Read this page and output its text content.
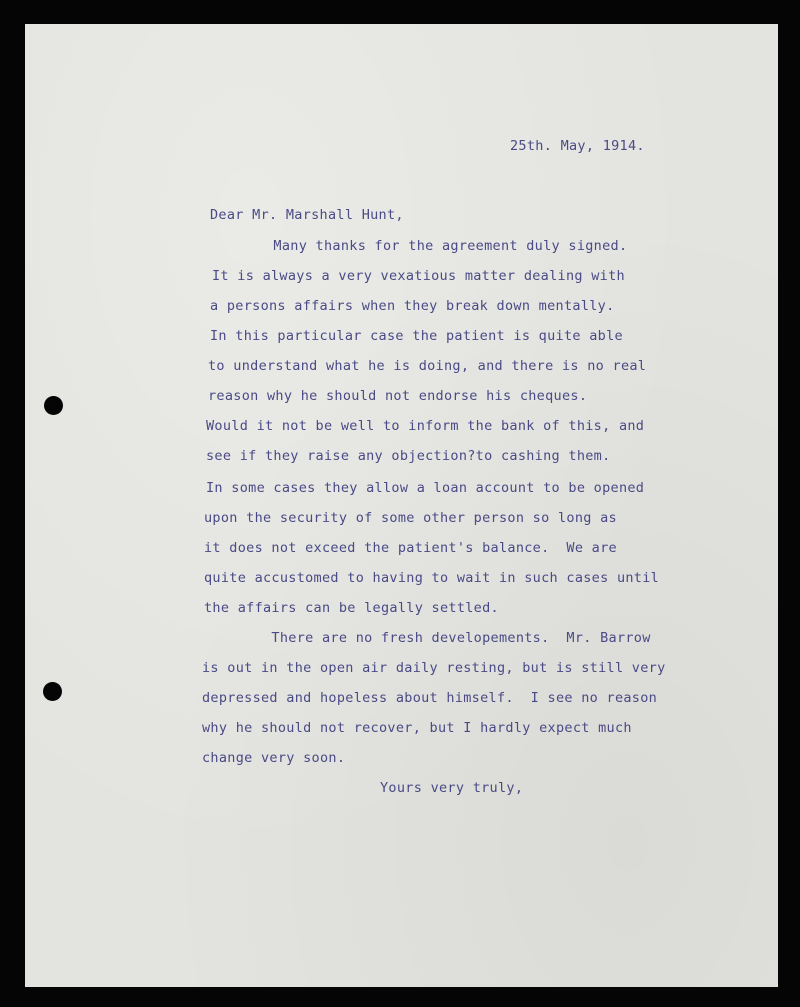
25th. May, 1914.
Dear Mr. Marshall Hunt,
Many thanks for the agreement duly signed.
It is always a very vexatious matter dealing with
a persons affairs when they break down mentally.
In this particular case the patient is quite able
to understand what he is doing, and there is no real
reason why he should not endorse his cheques.
Would it not be well to inform the bank of this, and
see if they raise any objection?to cashing them.
In some cases they allow a loan account to be opened
upon the security of some other person so long as
it does not exceed the patient's balance.  We are
quite accustomed to having to wait in such cases until
the affairs can be legally settled.
There are no fresh developements.  Mr. Barrow
is out in the open air daily resting, but is still very
depressed and hopeless about himself.  I see no reason
why he should not recover, but I hardly expect much
change very soon.
Yours very truly,
